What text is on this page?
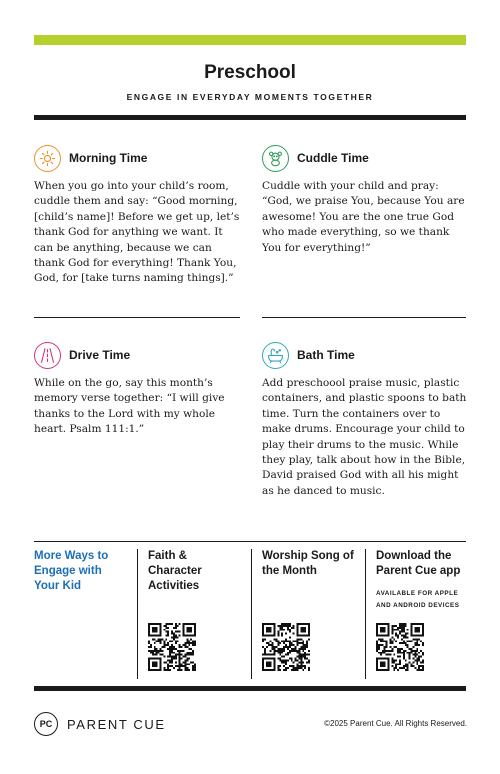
Preschool
ENGAGE IN EVERYDAY MOMENTS TOGETHER
Morning Time
When you go into your child’s room, cuddle them and say: “Good morning, [child’s name]! Before we get up, let’s thank God for anything we want. It can be anything, because we can thank God for everything! Thank You, God, for [take turns naming things].”
Cuddle Time
Cuddle with your child and pray: “God, we praise You, because You are awesome! You are the one true God who made everything, so we thank You for everything!”
Drive Time
While on the go, say this month’s memory verse together: “I will give thanks to the Lord with my whole heart. Psalm 111:1.”
Bath Time
Add preschoool praise music, plastic containers, and plastic spoons to bath time. Turn the containers over to make drums. Encourage your child to play their drums to the music. While they play, talk about how in the Bible, David praised God with all his might as he danced to music.
More Ways to Engage with Your Kid
Faith & Character Activities
Worship Song of the Month
Download the Parent Cue app
AVAILABLE FOR APPLE AND ANDROID DEVICES
PC	PARENT CUE	©2025 Parent Cue. All Rights Reserved.
